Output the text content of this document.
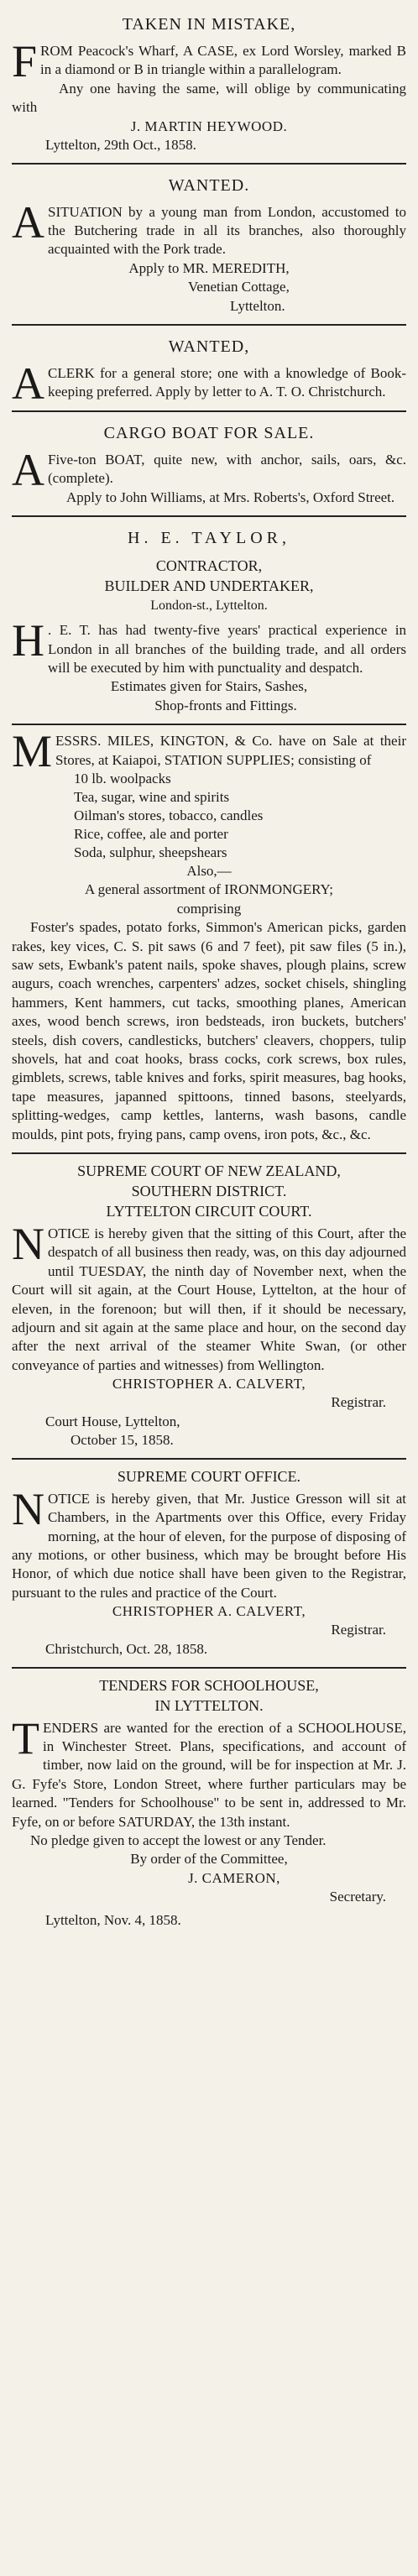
TAKEN IN MISTAKE,

FROM Peacock's Wharf, A CASE, ex Lord Worsley, marked B in a diamond or B in triangle within a parallelogram.

Any one having the same, will oblige by communicating with

J. MARTIN HEYWOOD.
Lyttelton, 29th Oct., 1858.
WANTED.

ASITUATION by a young man from London, accustomed to the Butchering trade in all its branches, also thoroughly acquainted with the Pork trade.

Apply to MR. MEREDITH,

Venetian Cottage,

Lyttelton.

WANTED,

ACLERK for a general store; one with a knowledge of Book-keeping preferred. Apply by letter to A. T. O. Christchurch.

CARGO BOAT FOR SALE.

A Five-ton BOAT, quite new, with anchor, sails, oars, &c. (complete).

Apply to John Williams, at Mrs. Roberts's, Oxford Street.

H. E. TAYLOR,
CONTRACTOR,
BUILDER AND UNDERTAKER,
London-st., Lyttelton.

H . E. T. has had twenty-five years' practical experience in London in all branches of the building trade, and all orders will be executed by him with punctuality and despatch.

Estimates given for Stairs, Sashes,

Shop-fronts and Fittings.

MESSRS. MILES, KINGTON, & Co. have on Sale at their Stores, at Kaiapoi, STATION SUPPLIES; consisting of

10 lb. woolpacks
Tea, sugar, wine and spirits
Oilman's stores, tobacco, candles
Rice, coffee, ale and porter
Soda, sulphur, sheepshears

Also,—

A general assortment of IRONMONGERY;

comprising

Foster's spades, potato forks, Simmon's American picks, garden rakes, key vices, C. S. pit saws (6 and 7 feet), pit saw files (5 in.), saw sets, Ewbank's patent nails, spoke shaves, plough plains, screw augurs, coach wrenches, carpenters' adzes, socket chisels, shingling hammers, Kent hammers, cut tacks, smoothing planes, American axes, wood bench screws, iron bedsteads, iron buckets, butchers' steels, dish covers, candlesticks, butchers' cleavers, choppers, tulip shovels, hat and coat hooks, brass cocks, cork screws, box rules, gimblets, screws, table knives and forks, spirit measures, bag hooks, tape measures, japanned spittoons, tinned basons, steelyards, splitting-wedges, camp kettles, lanterns, wash basons, candle moulds, pint pots, frying pans, camp ovens, iron pots, &c., &c.

SUPREME COURT OF NEW ZEALAND,
SOUTHERN DISTRICT.
LYTTELTON CIRCUIT COURT.

NOTICE is hereby given that the sitting of this Court, after the despatch of all business then ready, was, on this day adjourned until TUESDAY, the ninth day of November next, when the Court will sit again, at the Court House, Lyttelton, at the hour of eleven, in the forenoon; but will then, if it should be necessary, adjourn and sit again at the same place and hour, on the second day after the next arrival of the steamer White Swan, (or other conveyance of parties and witnesses) from Wellington.

CHRISTOPHER A. CALVERT,

Registrar.

Court House, Lyttelton,
October 15, 1858.
SUPREME COURT OFFICE.

NOTICE is hereby given, that Mr. Justice Gresson will sit at Chambers, in the Apartments over this Office, every Friday morning, at the hour of eleven, for the purpose of disposing of any motions, or other business, which may be brought before His Honor, of which due notice shall have been given to the Registrar, pursuant to the rules and practice of the Court.

CHRISTOPHER A. CALVERT,

Registrar.

Christchurch, Oct. 28, 1858.
TENDERS FOR SCHOOLHOUSE,
IN LYTTELTON.

TENDERS are wanted for the erection of a SCHOOLHOUSE, in Winchester Street. Plans, specifications, and account of timber, now laid on the ground, will be for inspection at Mr. J. G. Fyfe's Store, London Street, where further particulars may be learned. "Tenders for Schoolhouse" to be sent in, addressed to Mr. Fyfe, on or before SATURDAY, the 13th instant.

No pledge given to accept the lowest or any Tender.

By order of the Committee,

J. CAMERON,

Secretary.

Lyttelton, Nov. 4, 1858.
